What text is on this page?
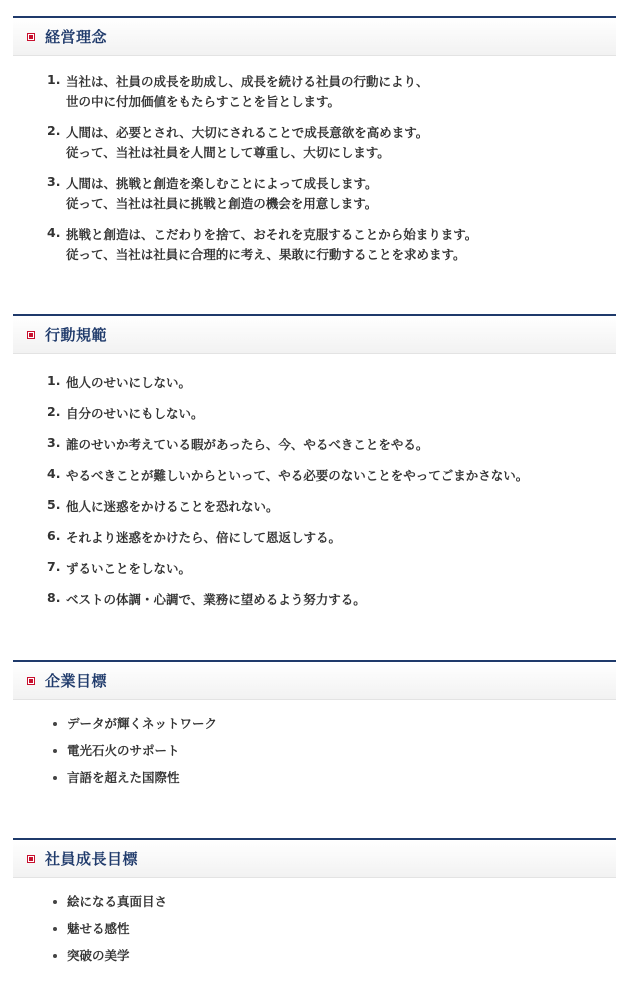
経営理念
1. 当社は、社員の成長を助成し、成長を続ける社員の行動により、
世の中に付加価値をもたらすことを旨とします。
2. 人間は、必要とされ、大切にされることで成長意欲を高めます。
従って、当社は社員を人間として尊重し、大切にします。
3. 人間は、挑戦と創造を楽しむことによって成長します。
従って、当社は社員に挑戦と創造の機会を用意します。
4. 挑戦と創造は、こだわりを捨て、おそれを克服することから始まります。
従って、当社は社員に合理的に考え、果敢に行動することを求めます。
行動規範
1. 他人のせいにしない。
2. 自分のせいにもしない。
3. 誰のせいか考えている暇があったら、今、やるべきことをやる。
4. やるべきことが難しいからといって、やる必要のないことをやってごまかさない。
5. 他人に迷惑をかけることを恐れない。
6. それより迷惑をかけたら、倍にして恩返しする。
7. ずるいことをしない。
8. ベストの体調・心調で、業務に望めるよう努力する。
企業目標
データが輝くネットワーク
電光石火のサポート
言語を超えた国際性
社員成長目標
絵になる真面目さ
魅せる感性
突破の美学
